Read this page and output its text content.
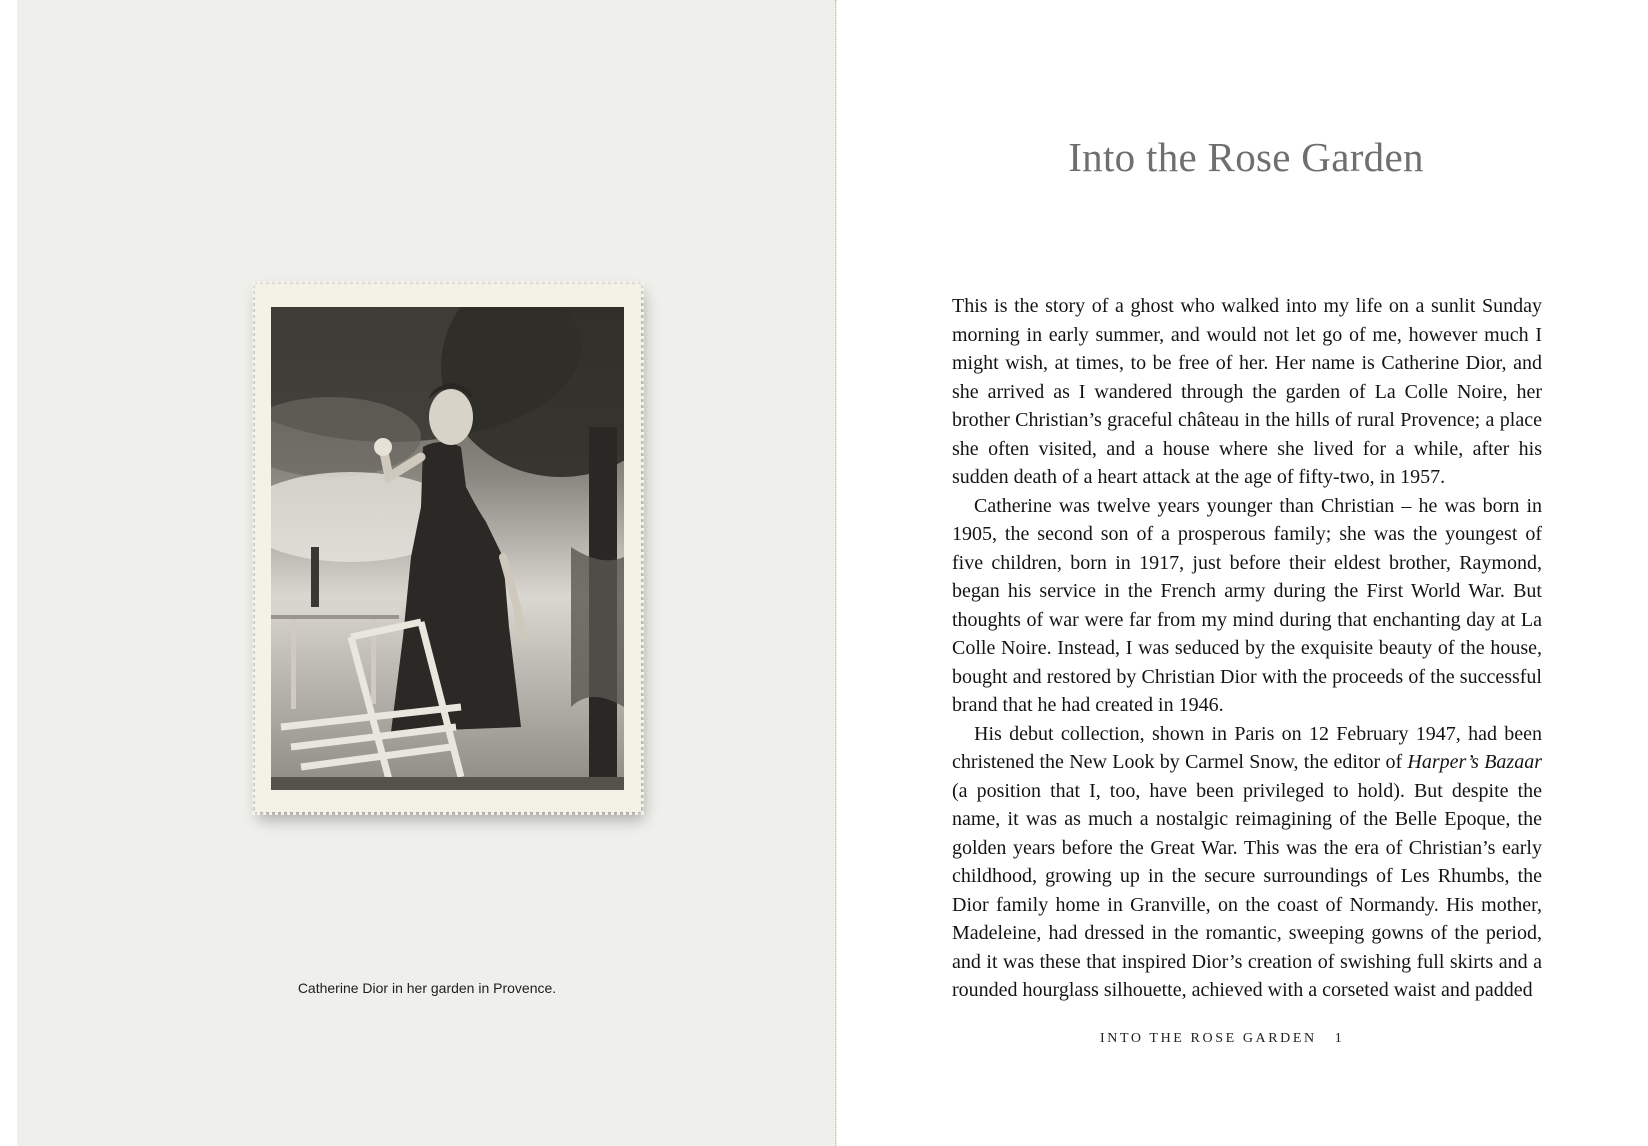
Catherine Dior in her garden in Provence.
Into the Rose Garden

This is the story of a ghost who walked into my life on a sunlit Sunday morning in early summer, and would not let go of me, however much I might wish, at times, to be free of her. Her name is Catherine Dior, and she arrived as I wandered through the garden of La Colle Noire, her brother Christian’s graceful château in the hills of rural Provence; a place she often visited, and a house where she lived for a while, after his sudden death of a heart attack at the age of fifty-two, in 1957.

Catherine was twelve years younger than Christian – he was born in 1905, the second son of a prosperous family; she was the youngest of five children, born in 1917, just before their eldest brother, Raymond, began his service in the French army during the First World War. But thoughts of war were far from my mind during that enchanting day at La Colle Noire. Instead, I was seduced by the exquisite beauty of the house, bought and restored by Christian Dior with the proceeds of the successful brand that he had created in 1946.

His debut collection, shown in Paris on 12 February 1947, had been christened the New Look by Carmel Snow, the editor of Harper’s Bazaar (a position that I, too, have been privileged to hold). But despite the name, it was as much a nostalgic reimagining of the Belle Epoque, the golden years before the Great War. This was the era of Christian’s early childhood, growing up in the secure surroundings of Les Rhumbs, the Dior family home in Granville, on the coast of Normandy. His mother, Madeleine, had dressed in the romantic, sweeping gowns of the period, and it was these that inspired Dior’s creation of swishing full skirts and a rounded hourglass silhouette, achieved with a corseted waist and padded

INTO THE ROSE GARDEN 1
